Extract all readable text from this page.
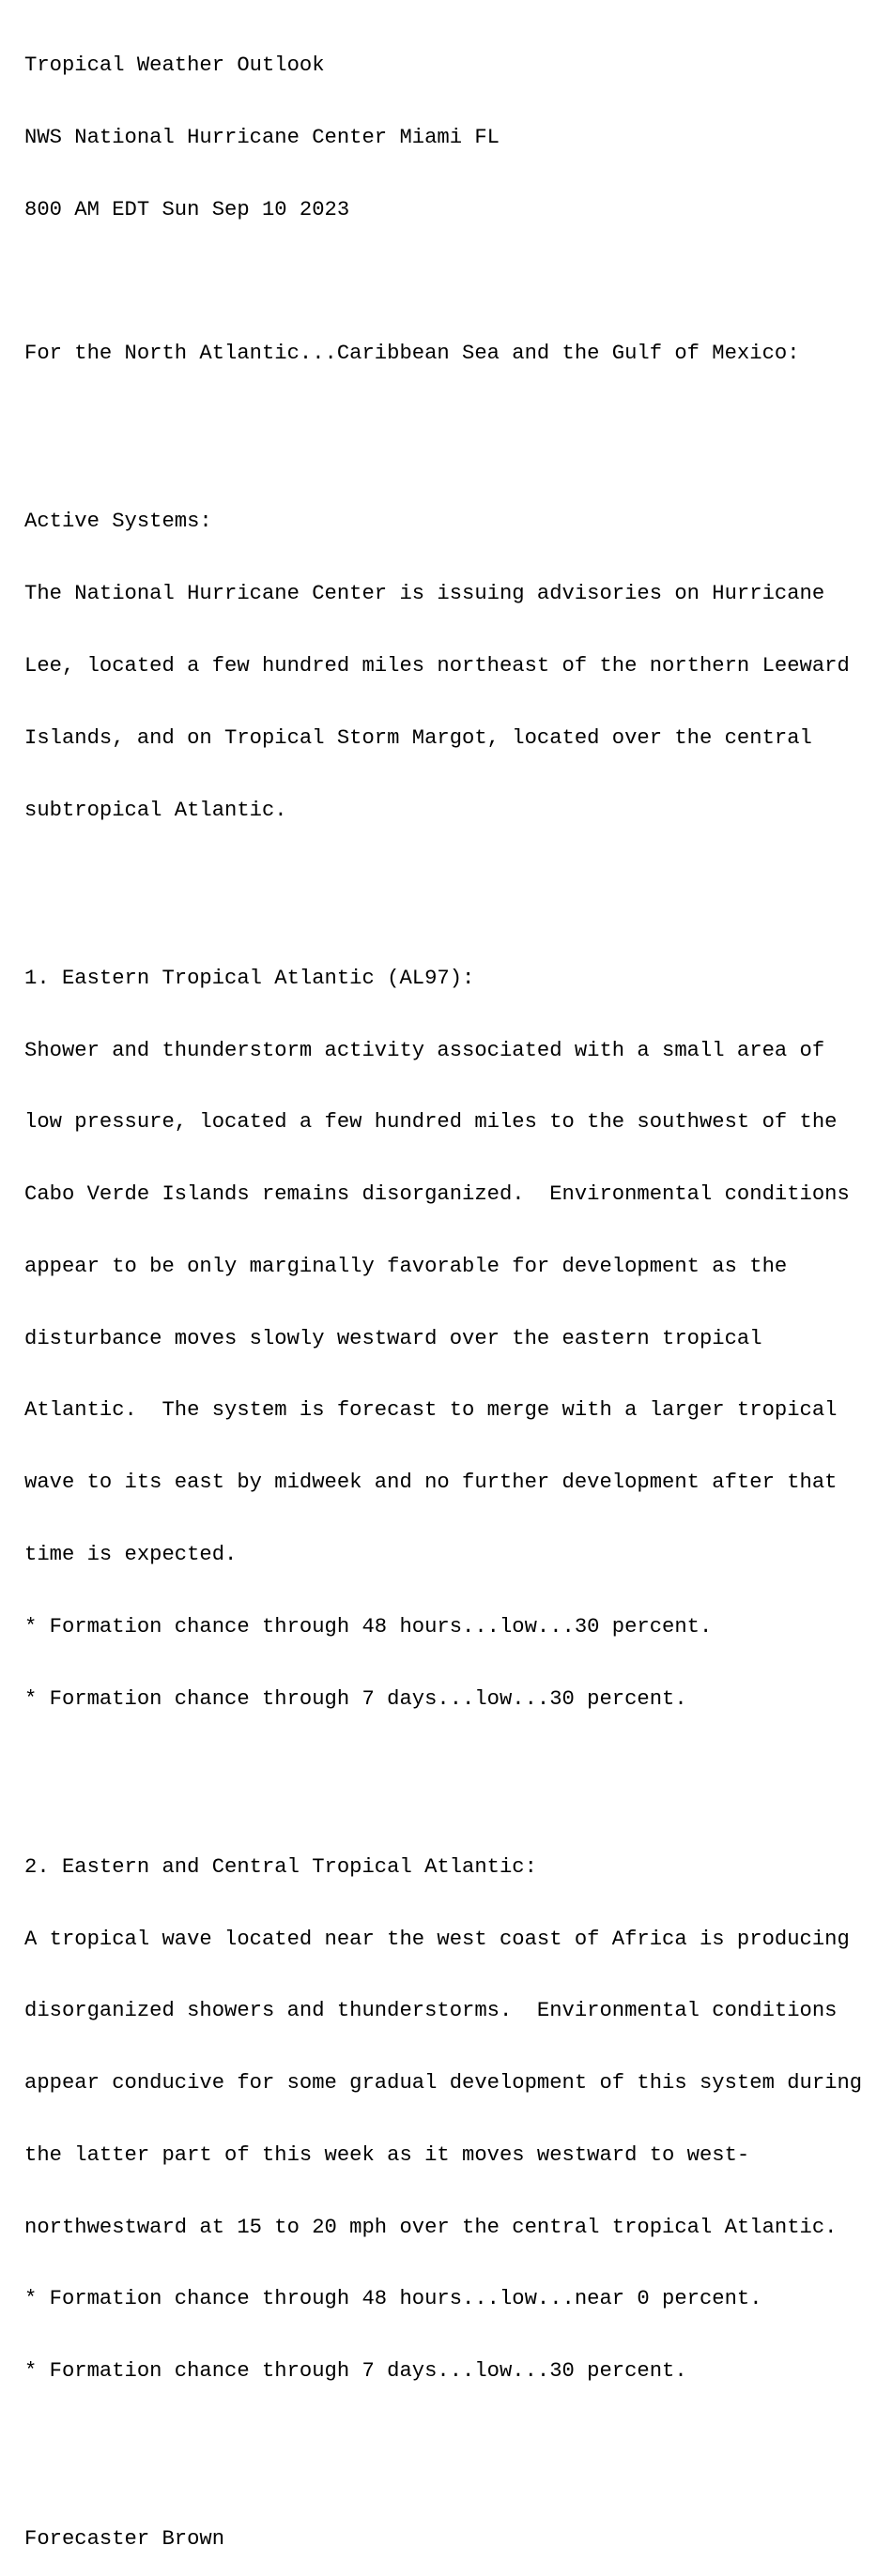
Tropical Weather Outlook

NWS National Hurricane Center Miami FL

800 AM EDT Sun Sep 10 2023

For the North Atlantic...Caribbean Sea and the Gulf of Mexico:

Active Systems:

The National Hurricane Center is issuing advisories on Hurricane

Lee, located a few hundred miles northeast of the northern Leeward

Islands, and on Tropical Storm Margot, located over the central

subtropical Atlantic.

1. Eastern Tropical Atlantic (AL97):

Shower and thunderstorm activity associated with a small area of

low pressure, located a few hundred miles to the southwest of the

Cabo Verde Islands remains disorganized.  Environmental conditions

appear to be only marginally favorable for development as the

disturbance moves slowly westward over the eastern tropical

Atlantic.  The system is forecast to merge with a larger tropical

wave to its east by midweek and no further development after that

time is expected.

* Formation chance through 48 hours...low...30 percent.

* Formation chance through 7 days...low...30 percent.

2. Eastern and Central Tropical Atlantic:

A tropical wave located near the west coast of Africa is producing

disorganized showers and thunderstorms.  Environmental conditions

appear conducive for some gradual development of this system during

the latter part of this week as it moves westward to west-

northwestward at 15 to 20 mph over the central tropical Atlantic.

* Formation chance through 48 hours...low...near 0 percent.

* Formation chance through 7 days...low...30 percent.

Forecaster Brown
